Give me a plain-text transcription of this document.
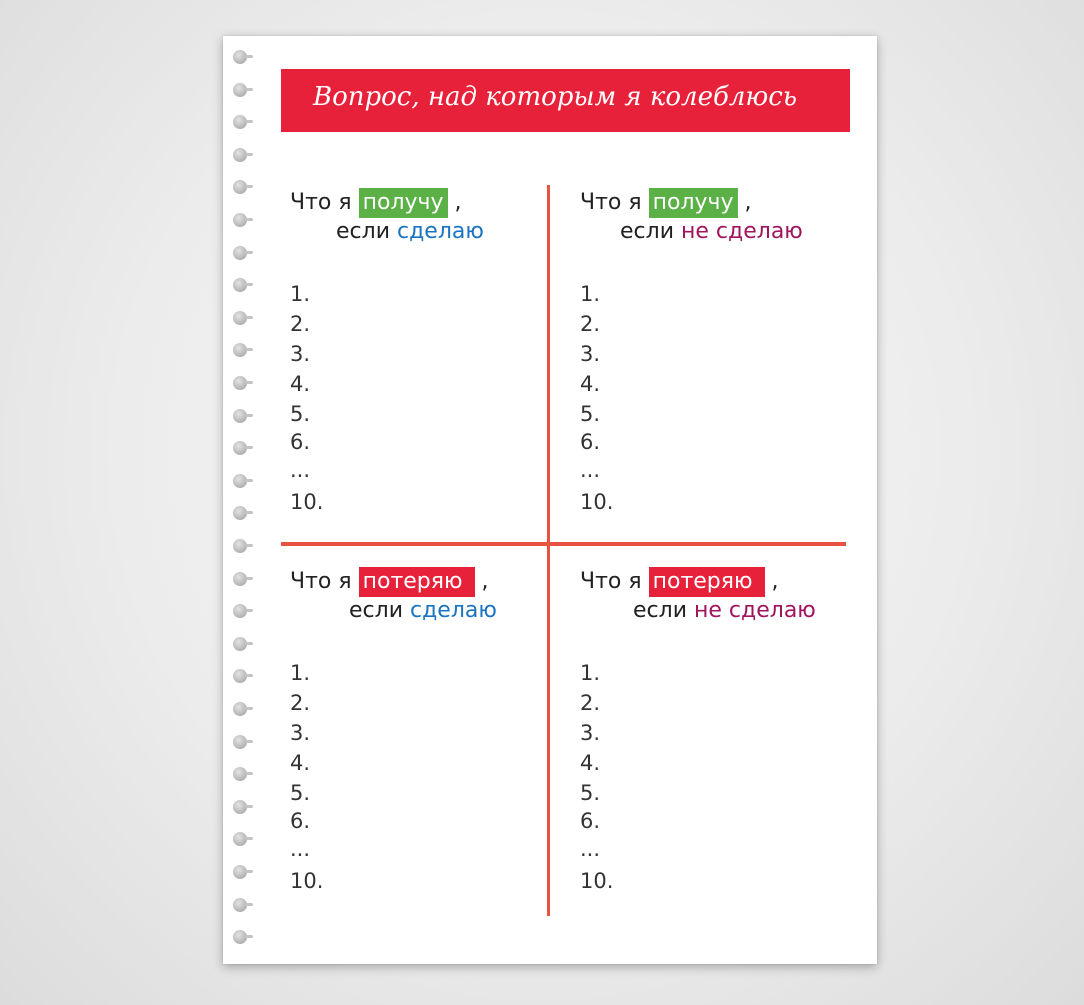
Вопрос, над которым я колеблюсь
Что я получу ,
если сделаю
1.
2.
3.
4.
5.
6.
...
10.
Что я получу ,
если не сделаю
1.
2.
3.
4.
5.
6.
...
10.
Что я потеряю ,
если сделаю
1.
2.
3.
4.
5.
6.
...
10.
Что я потеряю ,
если не сделаю
1.
2.
3.
4.
5.
6.
...
10.
